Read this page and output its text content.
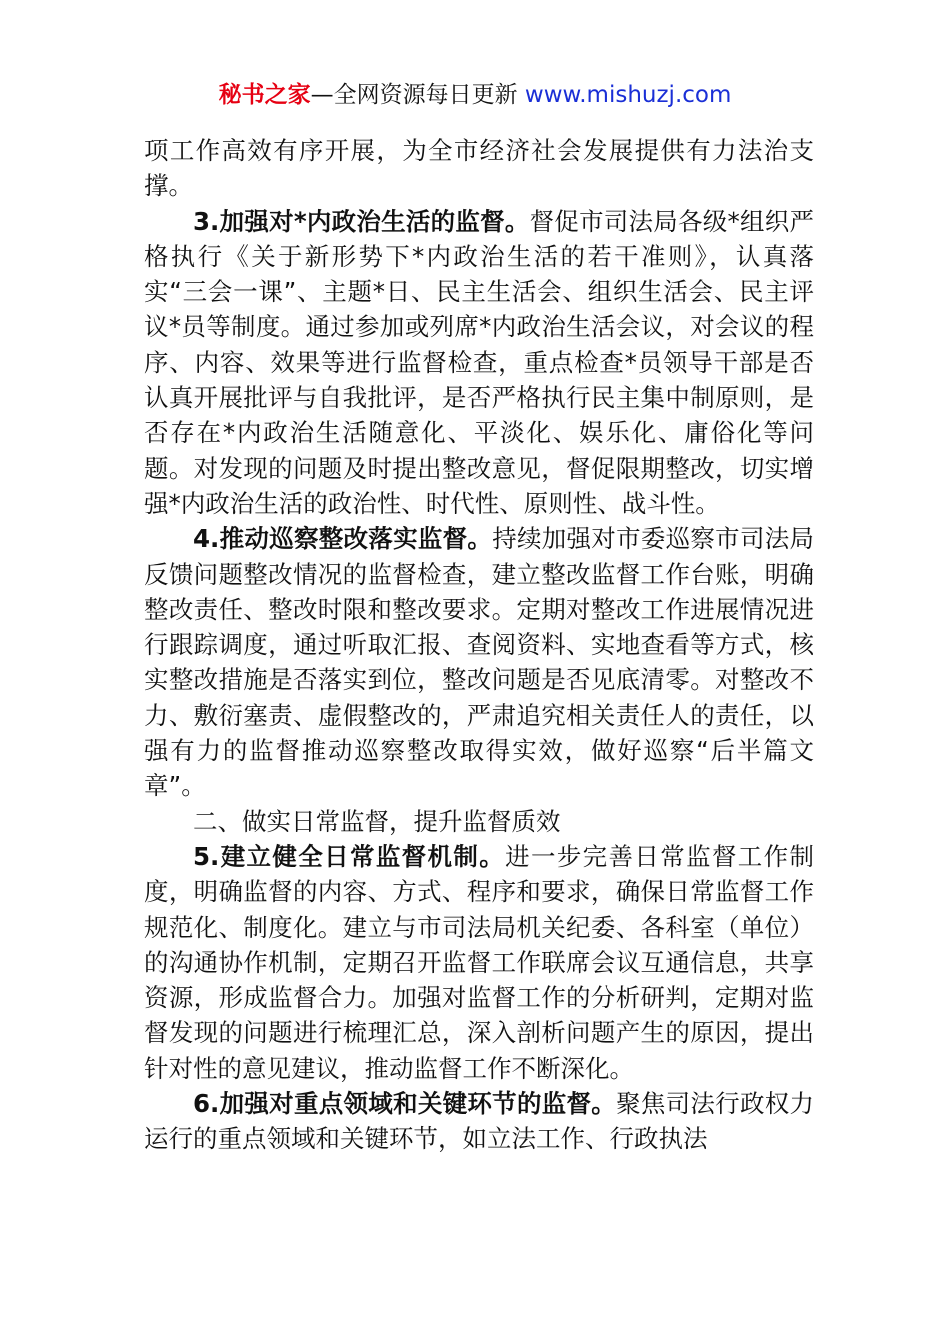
秘书之家—全网资源每日更新 www.mishuzj.com

项工作高效有序开展，为全市经济社会发展提供有力法治支撑。

3.加强对*内政治生活的监督。督促市司法局各级*组织严格执行《关于新形势下*内政治生活的若干准则》，认真落实“三会一课”、主题*日、民主生活会、组织生活会、民主评议*员等制度。通过参加或列席*内政治生活会议，对会议的程序、内容、效果等进行监督检查，重点检查*员领导干部是否认真开展批评与自我批评，是否严格执行民主集中制原则，是否存在*内政治生活随意化、平淡化、娱乐化、庸俗化等问题。对发现的问题及时提出整改意见，督促限期整改，切实增强*内政治生活的政治性、时代性、原则性、战斗性。

4.推动巡察整改落实监督。持续加强对市委巡察市司法局反馈问题整改情况的监督检查，建立整改监督工作台账，明确整改责任、整改时限和整改要求。定期对整改工作进展情况进行跟踪调度，通过听取汇报、查阅资料、实地查看等方式，核实整改措施是否落实到位，整改问题是否见底清零。对整改不力、敷衍塞责、虚假整改的，严肃追究相关责任人的责任，以强有力的监督推动巡察整改取得实效，做好巡察“后半篇文章”。

二、做实日常监督，提升监督质效

5.建立健全日常监督机制。进一步完善日常监督工作制度，明确监督的内容、方式、程序和要求，确保日常监督工作规范化、制度化。建立与市司法局机关纪委、各科室（单位）的沟通协作机制，定期召开监督工作联席会议互通信息，共享资源，形成监督合力。加强对监督工作的分析研判，定期对监督发现的问题进行梳理汇总，深入剖析问题产生的原因，提出针对性的意见建议，推动监督工作不断深化。

6.加强对重点领域和关键环节的监督。聚焦司法行政权力运行的重点领域和关键环节，如立法工作、行政执法
